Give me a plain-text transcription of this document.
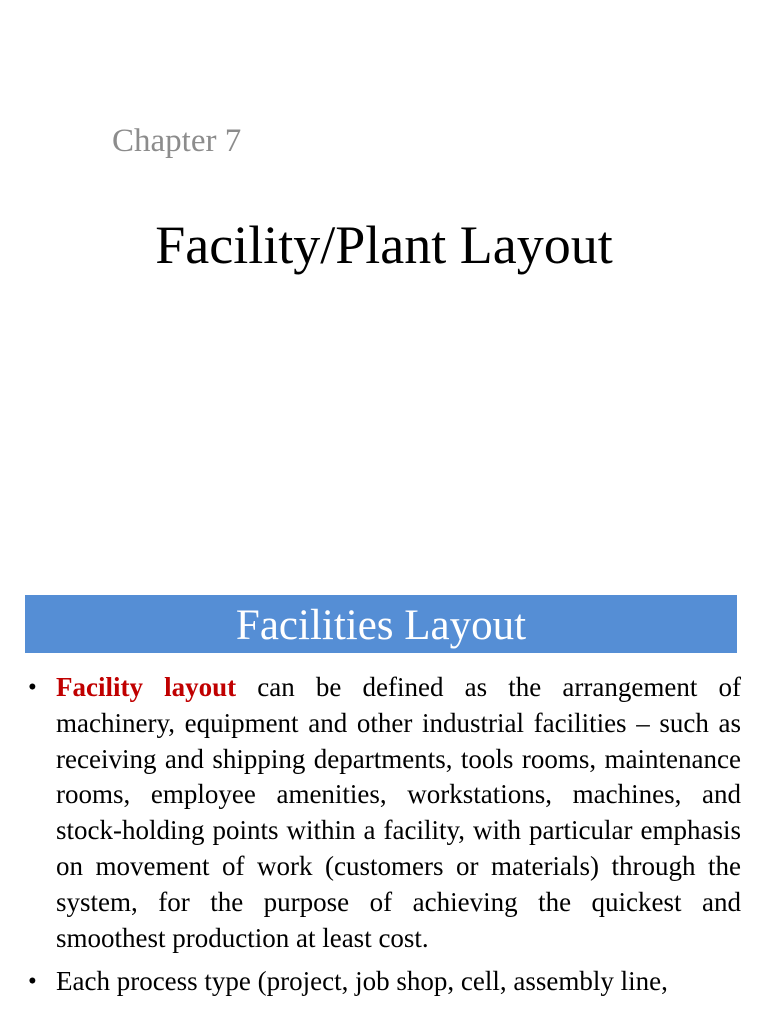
Chapter 7
Facility/Plant Layout
Facilities Layout
• Facility layout can be defined as the arrangement of machinery, equipment and other industrial facilities – such as receiving and shipping departments, tools rooms, maintenance rooms, employee amenities, workstations, machines, and stock-holding points within a facility, with particular emphasis on movement of work (customers or materials) through the system, for the purpose of achieving the quickest and smoothest production at least cost.

• Each process type (project, job shop, cell, assembly line,
